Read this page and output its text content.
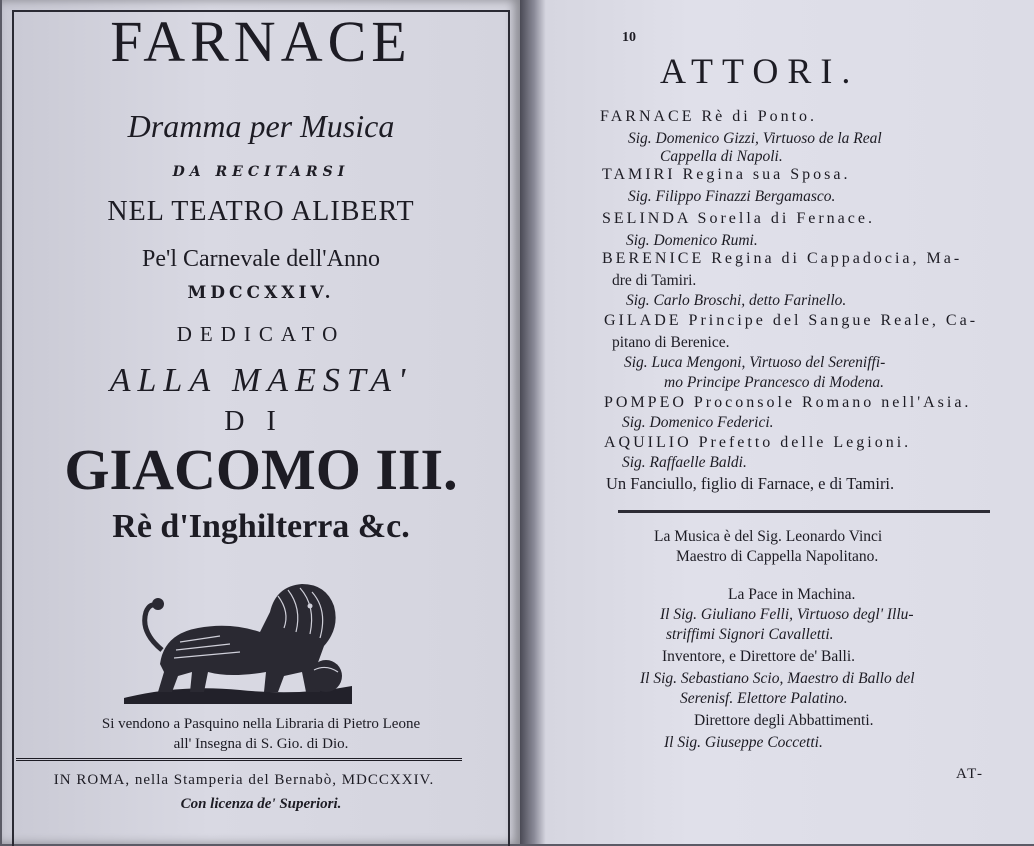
FARNACE
Dramma per Musica
DA RECITARSI
NEL TEATRO ALIBERT
Pe'l Carnevale dell'Anno
MDCCXXIV.
DEDICATO
ALLA MAESTA'
DI
GIACOMO III.
Rè d'Inghilterra &c.
Si vendono a Pasquino nella Libraria di Pietro Leone
all' Insegna di S. Gio. di Dio.
IN ROMA, nella Stamperia del Bernabò, MDCCXXIV.
Con licenza de' Superiori.
10
ATTORI.
FARNACE Rè di Ponto.
Sig. Domenico Gizzi, Virtuoso de la Real
Cappella di Napoli.
TAMIRI Regina sua Sposa.
Sig. Filippo Finazzi Bergamasco.
SELINDA Sorella di Fernace.
Sig. Domenico Rumi.
BERENICE Regina di Cappadocia, Ma-
dre di Tamiri.
Sig. Carlo Broschi, detto Farinello.
GILADE Principe del Sangue Reale, Ca-
pitano di Berenice.
Sig. Luca Mengoni, Virtuoso del Sereniffi-
mo Principe Prancesco di Modena.
POMPEO Proconsole Romano nell'Asia.
Sig. Domenico Federici.
AQUILIO Prefetto delle Legioni.
Sig. Raffaelle Baldi.
Un Fanciullo, figlio di Farnace, e di Tamiri.
La Musica è del Sig. Leonardo Vinci
Maestro di Cappella Napolitano.
La Pace in Machina.
Il Sig. Giuliano Felli, Virtuoso degl' Illu-
striffimi Signori Cavalletti.
Inventore, e Direttore de' Balli.
Il Sig. Sebastiano Scio, Maestro di Ballo del
Serenisf. Elettore Palatino.
Direttore degli Abbattimenti.
Il Sig. Giuseppe Coccetti.
AT-
